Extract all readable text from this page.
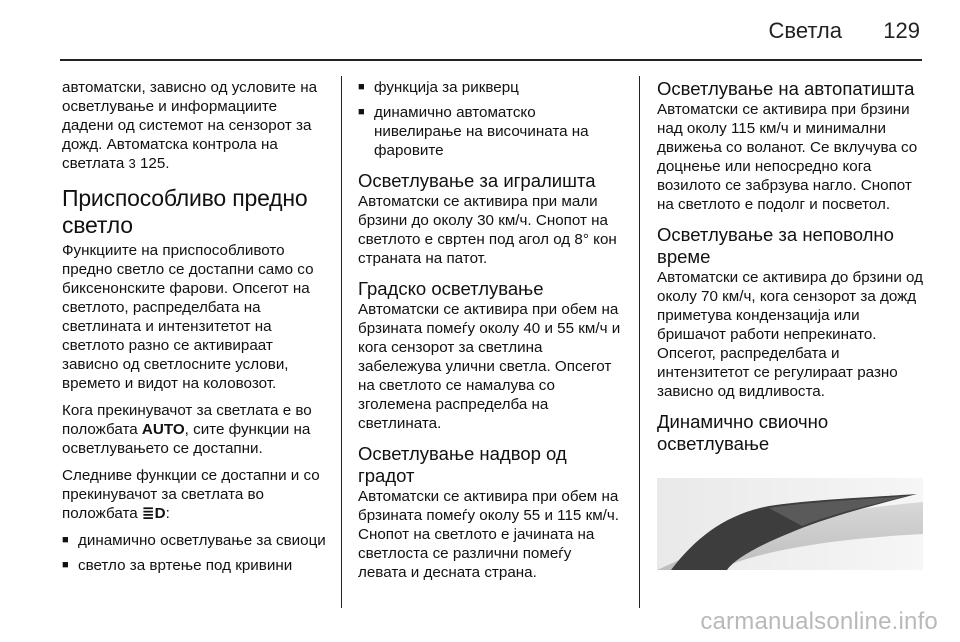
Светла 129

автоматски, зависно од условите на осветлувањe и информациите дадени од системот на сензорот за дожд. Автоматска контрола на светлата 3 125.

Приспособливо предно светло

Функциите на приспособливото предно светло се достапни само со биксенонските фарови. Опсегот на светлото, распределбата на светлината и интензитетот на светлото разно се активираат зависно од светлосните услови, времето и видот на коловозот.

Кога прекинувачот за светлата е во положбата AUTO, сите функции на осветлувањето се достапни.

Следниве функции се достапни и со прекинувачот за светлата во положбата ≣D:

■ динамично осветлување за свиоци
■ светло за вртење под кривини
■ функција за рикверц
■ динамично автоматско нивелирање на височината на фаровите
Осветлување за игралишта

Автоматски се активира при мали брзини до околу 30 км/ч. Снопот на светлото е свртен под агол од 8° кон страната на патот.

Градско осветлување

Автоматски се активира при обем на брзината помеѓу околу 40 и 55 км/ч и кога сензорот за светлина забележува улични светла. Опсегот на светлото се намалува со зголемена распределба на светлината.

Осветлување надвор од градот

Автоматски се активира при обем на брзината помеѓу околу 55 и 115 км/ч. Снопот на светлото е јачината на светлоста се различни помеѓу левата и десната страна.

Осветлување на автопатишта

Автоматски се активира при брзини над околу 115 км/ч и минимални движења со воланот. Се вклучува со доцнење или непосредно кога возилото се забрзува нагло. Снопот на светлото е подолг и посветол.

Осветлување за неповолно време

Автоматски се активира до брзини од околу 70 км/ч, кога сензорот за дожд приметува кондензација или бришачот работи непрекинато. Опсегот, распределбата и интензитетот се регулираат разно зависно од видливоста.

Динамично свиочно осветлување
carmanualsonline.info
